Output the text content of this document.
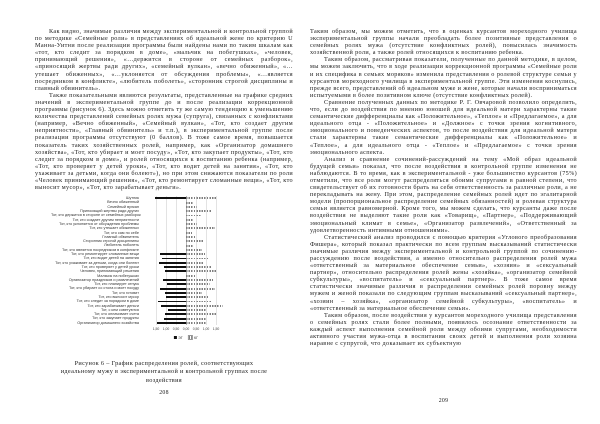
Как видно, значимые различия между экспериментальной и контрольной группой по методике «Семейные роли» в представлениях об идеальной жене по критерию U Манна-Уитни после реализации программы были найдены нами по таким шкалам как «тот, кто следит за порядком в доме», «мальчик на побегушках», «человек, принимающий решения», «…держится в стороне от семейных разборок», «приносящий жертвы ради других», «семейный вулкан», «вечно обиженный», «…утешает обиженных», «…уклоняется от обсуждения проблемы», «…является посредником в конфликте», «любитель поболеть», «сторонник строгой дисциплины и главный обвинитель».

Также показательными являются результаты, представленные на графике средних значений в экспериментальной группе до и после реализации коррекционной программы (рисунок 6). Здесь можно отметить ту же самую тенденцию к уменьшению количества представлений семейных ролях мужа (супруга), связанных с конфликтами (например, «Вечно обиженный», «Семейный вулкан», «Тот, кто создает другим неприятности», «Главный обвинитель» и т.п.), в экспериментальной группе после реализации программы отсутствуют (0 баллов). В тоже самое время, повышается показатель таких хозяйственных ролей, например, как «Организатор домашнего хозяйства», «Тот, кто убирает и моет посуду», «Тот, кто закупает продукты», «Тот, кто следит за порядком в доме», и ролей относящихся к воспитанию ребенка (например, «Тот, кто проверяет у детей уроки», «Тот, кто водит детей на занятия», «Тот, кто ухаживает за детьми, когда они болеют»), но при этом снижаются показатели по роли «Человек принимающий решения», «Тот, кто ремонтирует сломанные вещи», «Тот, кто выносит мусор», «Тот, кто зарабатывает деньги».

Шутник
Вечно обиженный
Семейный вулкан
Приносящий жертвы ради других
Тот, кто держится в стороне от семейных разборок
Тот, кто создает другим неприятности
Тот, кто уклоняется от обсуждения проблемы
Тот, кто утешает обиженных
Тот, кто сам по себе
Главный обвинитель
Сторонник строгой дисциплины
Любитель поболеть
Тот, кто является посредником в конфликте
Тот, кто ремонтирует сломанные вещи
Тот, кто водит детей на занятия
Тот, кто ухаживает за детьми, когда они болеют
Тот, кто проверяет у детей уроки
Человек, принимающий решения
Мальчик на побегушках
Организатор праздников и развлечений
Тот, кто планирует отпуск
Тот, кто убирает со стола и моет посуду
Тот, кто готовит
Тот, кто выносит мусор
Тот, кто следит за порядком в доме
Тот, кто зарабатывает деньги
Тот, с кем советуются
Тот, кто оплачивает счета
Тот, кто закупает продукты
Организатор домашнего хозяйства
ЭГ	КГ
1,50 1,00 0,50 0,00 0,50 1,00 1,50

Рисунок 6 – График распределения ролей, соответствующих идеальному мужу в экспериментальной и контрольной группах после воздействия

Таким образом, мы можем отметить, что в оценках курсантов мореходного училища экспериментальной группы начали преобладать более позитивные представления о семейных ролях мужа (отсутствие конфликтных ролей), повысилась значимость хозяйственной роли, а также ролей относящихся к воспитанию ребенка.

Таким образом, рассматривая показатели, полученные по данной методике, в целом, мы можем заключить, что в ходе реализации коррекционной программы «Семейные роли и их специфика в семьях моряков» изменила представления о ролевой структуре семьи у курсантов мореходного училища в экспериментальной группе. Эти изменения коснулись, прежде всего, представлений об идеальном муже и жене, которые начали восприниматься испытуемыми в более позитивном ключе (отсутствие конфликтных ролей).

Сравнение полученных данных по методике Р. Г. Овчаровой позволило определить, что, если до воздействия по мнению юношей для идеальной матери характерны такие семантические дифференциалы как «Положительное», «Теплое» и «Предлагаемое», а для идеального отца - «Положительное» и «Должное» с точки зрения когнитивного, эмоционального и поведенческих аспектов, то после воздействия для идеальной матери стали характерны такие семантические дифференциалы как «Положительное» и «Теплое», а для идеального отца - «Теплое» и «Предлагаемое» с точки зрения эмоционального аспекта.

Анализ и сравнение сочинений-рассуждений на тему «Мой образ идеальной будущей семьи» показал, что после воздействия в контрольной группе изменения не наблюдаются. В то время, как в экспериментальной - уже большинство курсантов (75%) отметили, что все роли могут распределяться обоими супругами в равной степени, что свидетельствует об их готовности брать на себя ответственность за различные роли, а не перекладывать на жену. При этом, распределение семейных ролей идет по эгалитарной модели (пропорциональное распределение семейных обязанностей) и ролевая структура семьи является равномерной. Кроме того, мы можем сделать, что курсанты даже после воздействия не выделяют такие роли как «Товарищ», «Партнер», «Поддерживающий эмоциональный климат в семье», «Организатор развлечений», «Ответственный за удовлетворенность интимными отношениями».

Статистический анализ проводился с помощью критерия «Углового преобразования Фишера», который показал практически по всем группам высказываний статистически значимые различия между экспериментальной и контрольной группой по сочинению-рассуждению после воздействия, а именно относительно распределения ролей мужа «ответственный за материальное обеспечение семьи», «хозяин» и «сексуальный партнер», относительно распределения ролей жены «хозяйка», «организатор семейной субкультуры», «воспитатель» и «сексуальный партнер». В тоже самое время статистически значимые различия в распределении семейных ролей поровну между мужем и женой показали по следующим группам высказываний «сексуальный партнер», «хозяин – хозяйка», «организатор семейной субкультуры», «воспитатель» и «ответственный за материальное обеспечение семьи».

Таким образом, после воздействия у курсантов мореходного училища представления о семейных ролях стали более полными, появилось осознание ответственности за каждый аспект выполнения семейной роли между обоими супругами, необходимости активного участия мужа-отца в воспитании своих детей и выполнения роли хозяина наравне с супругой, что доказывает их субъектную

208
209
